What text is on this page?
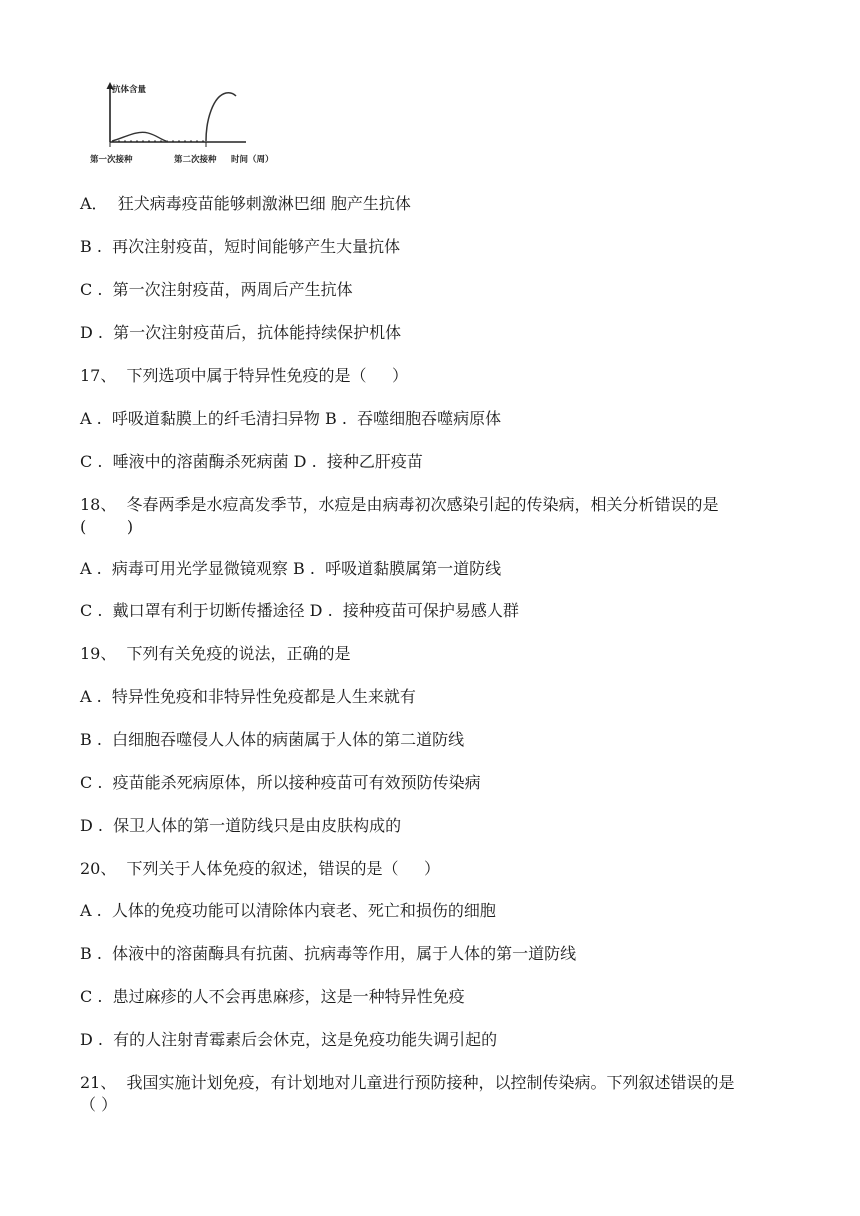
抗体含量
第一次接种	第二次接种 时间（周）
A．  狂犬病毒疫苗能够刺激淋巴细 胞产生抗体
B .  再次注射疫苗，短时间能够产生大量抗体
C .  第一次注射疫苗，两周后产生抗体
D .  第一次注射疫苗后，抗体能持续保护机体
17、  下列选项中属于特异性免疫的是（     ）
A .  呼吸道黏膜上的纤毛清扫异物 B .  吞噬细胞吞噬病原体
C .  唾液中的溶菌酶杀死病菌 D .  接种乙肝疫苗
18、  冬春两季是水痘高发季节，水痘是由病毒初次感染引起的传染病，相关分析错误的是
(        )
A .  病毒可用光学显微镜观察 B .  呼吸道黏膜属第一道防线
C .  戴口罩有利于切断传播途径 D .  接种疫苗可保护易感人群
19、  下列有关免疫的说法，正确的是
A .  特异性免疫和非特异性免疫都是人生来就有
B .  白细胞吞噬侵人人体的病菌属于人体的第二道防线
C .  疫苗能杀死病原体，所以接种疫苗可有效预防传染病
D .  保卫人体的第一道防线只是由皮肤构成的
20、  下列关于人体免疫的叙述，错误的是（     ）
A .  人体的免疫功能可以清除体内衰老、死亡和损伤的细胞
B .  体液中的溶菌酶具有抗菌、抗病毒等作用，属于人体的第一道防线
C .  患过麻疹的人不会再患麻疹，这是一种特异性免疫
D .  有的人注射青霉素后会休克，这是免疫功能失调引起的
21、  我国实施计划免疫，有计划地对儿童进行预防接种，以控制传染病。下列叙述错误的是
（ ）
